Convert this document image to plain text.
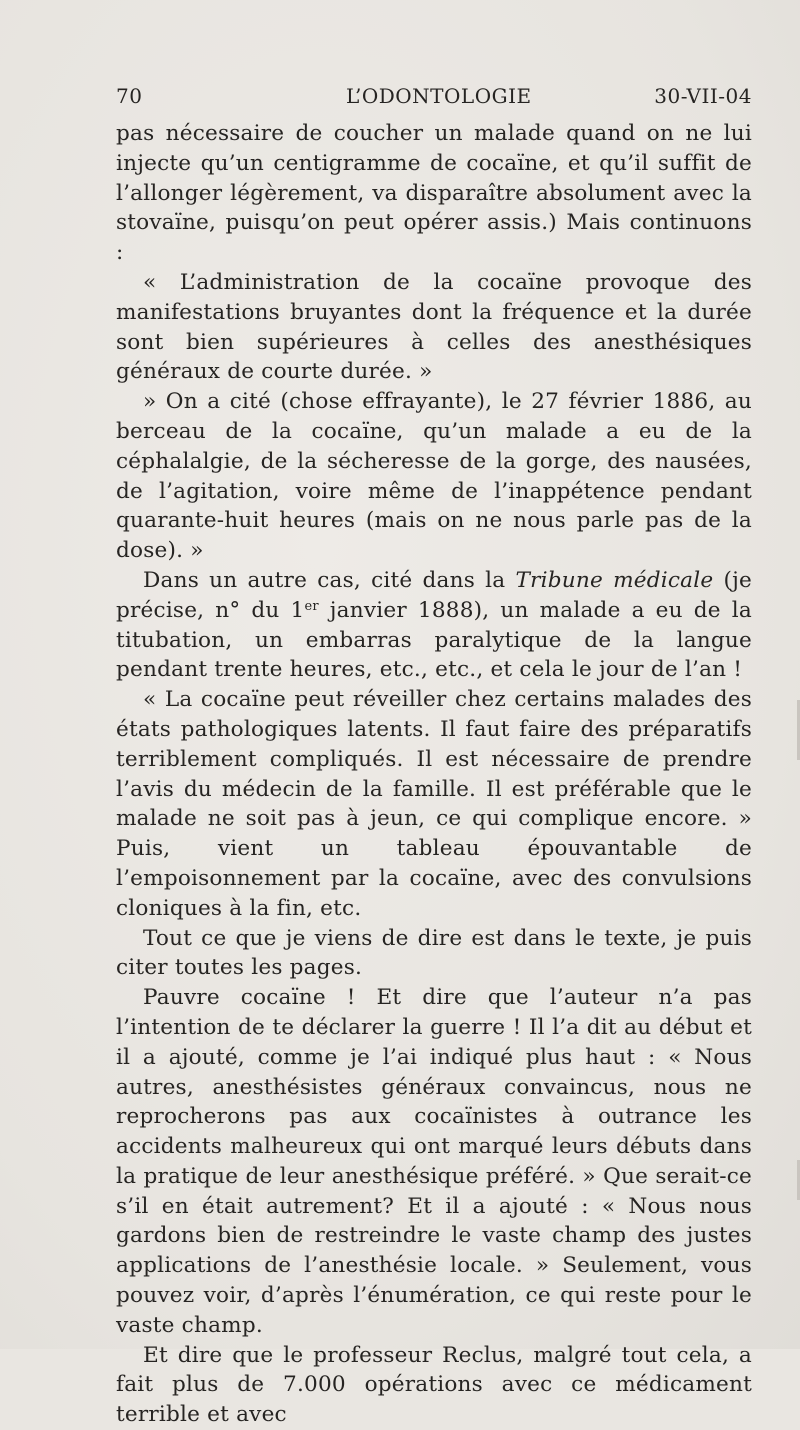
70	L’ODONTOLOGIE	30-VII-04

pas nécessaire de coucher un malade quand on ne lui injecte qu’un centigramme de cocaïne, et qu’il suffit de l’allonger légèrement, va disparaître absolument avec la stovaïne, puisqu’on peut opérer assis.) Mais continuons :

« L’administration de la cocaïne provoque des manifestations bruyantes dont la fréquence et la durée sont bien supérieures à celles des anesthésiques généraux de courte durée. »

» On a cité (chose effrayante), le 27 février 1886, au berceau de la cocaïne, qu’un malade a eu de la céphalalgie, de la sécheresse de la gorge, des nausées, de l’agitation, voire même de l’inappétence pendant quarante-huit heures (mais on ne nous parle pas de la dose). »

Dans un autre cas, cité dans la Tribune médicale (je précise, n° du 1er janvier 1888), un malade a eu de la titubation, un embarras paralytique de la langue pendant trente heures, etc., etc., et cela le jour de l’an !

« La cocaïne peut réveiller chez certains malades des états pathologiques latents. Il faut faire des préparatifs terriblement compliqués. Il est nécessaire de prendre l’avis du médecin de la famille. Il est préférable que le malade ne soit pas à jeun, ce qui complique encore. » Puis, vient un tableau épouvantable de l’empoisonnement par la cocaïne, avec des convulsions cloniques à la fin, etc.

Tout ce que je viens de dire est dans le texte, je puis citer toutes les pages.

Pauvre cocaïne ! Et dire que l’auteur n’a pas l’intention de te déclarer la guerre ! Il l’a dit au début et il a ajouté, comme je l’ai indiqué plus haut : « Nous autres, anesthésistes généraux convaincus, nous ne reprocherons pas aux cocaïnistes à outrance les accidents malheureux qui ont marqué leurs débuts dans la pratique de leur anesthésique préféré. » Que serait-ce s’il en était autrement? Et il a ajouté : « Nous nous gardons bien de restreindre le vaste champ des justes applications de l’anesthésie locale. » Seulement, vous pouvez voir, d’après l’énumération, ce qui reste pour le vaste champ.

Et dire que le professeur Reclus, malgré tout cela, a fait plus de 7.000 opérations avec ce médicament terrible et avec
